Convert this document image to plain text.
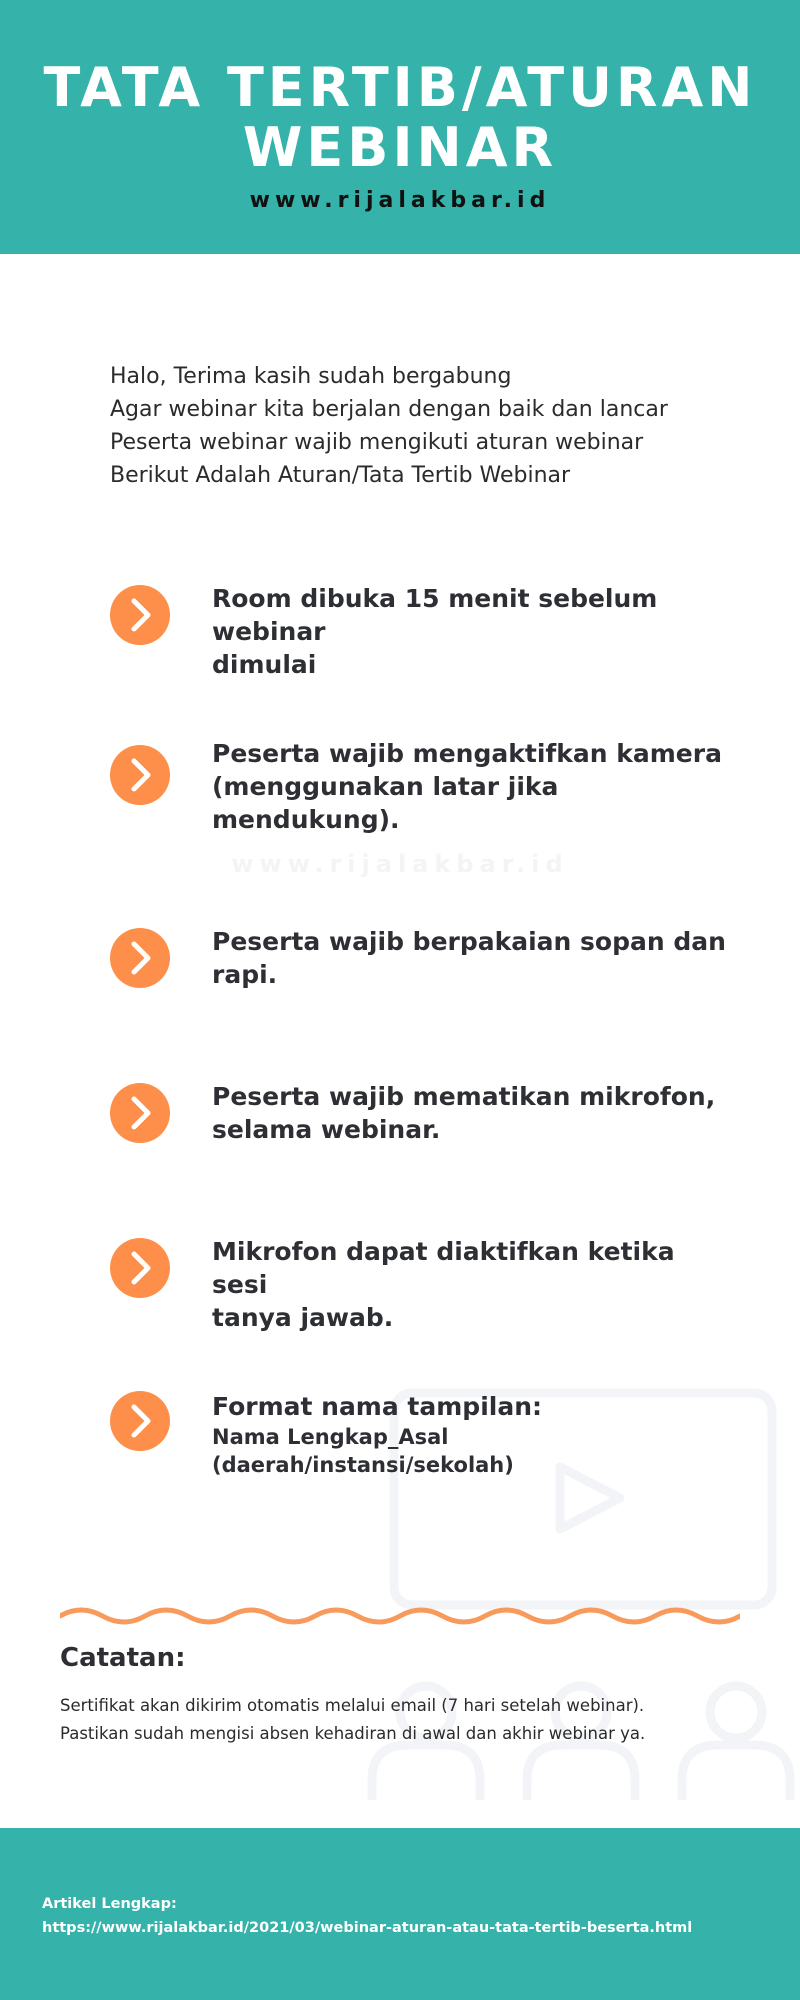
TATA TERTIB/ATURAN
WEBINAR
www.rijalakbar.id

Halo, Terima kasih sudah bergabung

Agar webinar kita berjalan dengan baik dan lancar

Peserta webinar wajib mengikuti aturan webinar

Berikut Adalah Aturan/Tata Tertib Webinar

www.rijalakbar.id
Room dibuka 15 menit sebelum webinar
dimulai
Peserta wajib mengaktifkan kamera
(menggunakan latar jika mendukung).
Peserta wajib berpakaian sopan dan
rapi.
Peserta wajib mematikan mikrofon,
selama webinar.
Mikrofon dapat diaktifkan ketika sesi
tanya jawab.
Format nama tampilan:
Nama Lengkap_Asal (daerah/instansi/sekolah)
Catatan:

Sertifikat akan dikirim otomatis melalui email (7 hari setelah webinar).

Pastikan sudah mengisi absen kehadiran di awal dan akhir webinar ya.

Artikel Lengkap:
https://www.rijalakbar.id/2021/03/webinar-aturan-atau-tata-tertib-beserta.html
